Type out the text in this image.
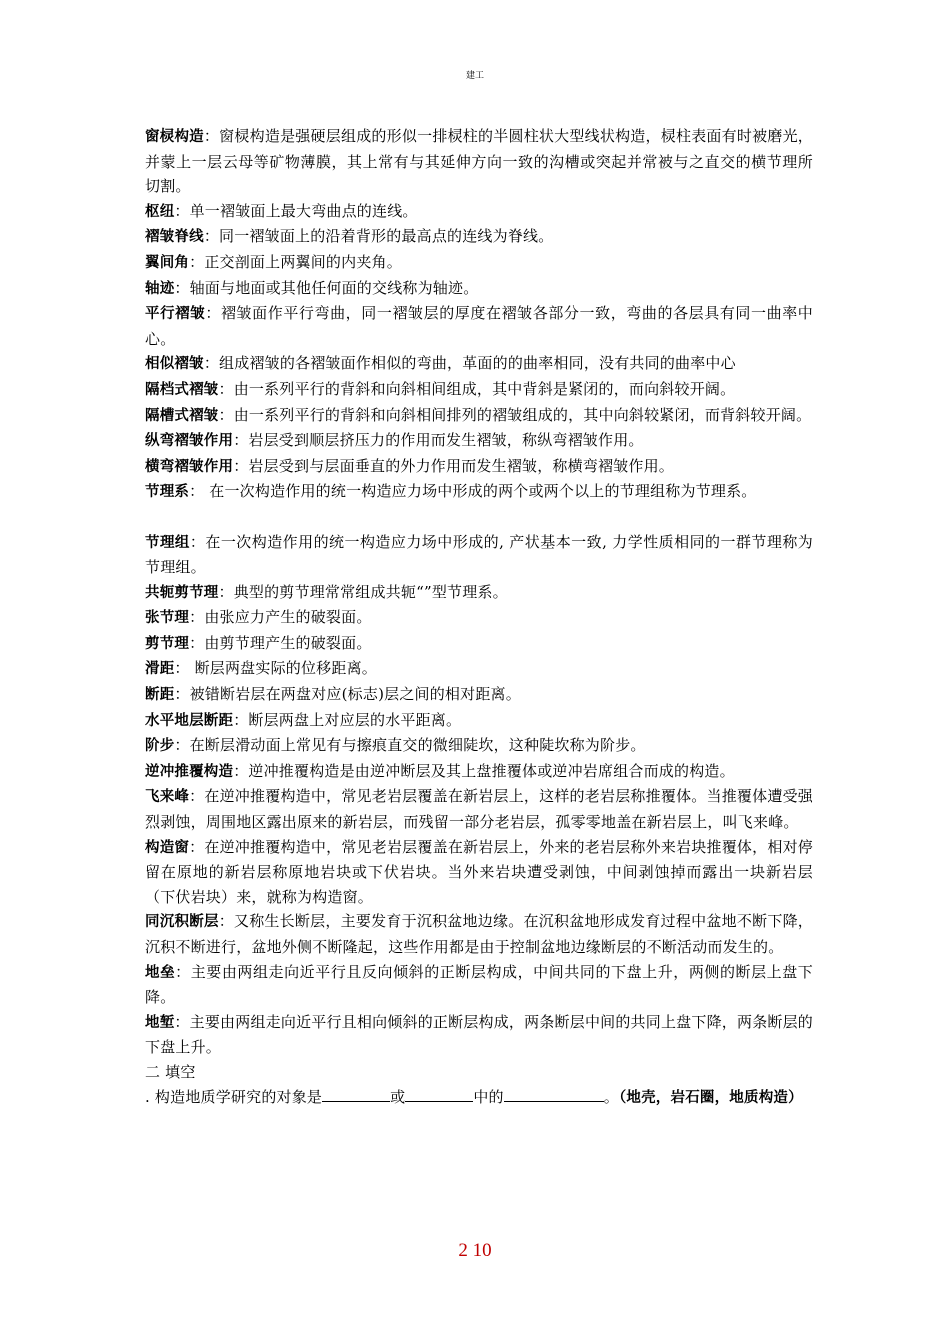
建工

窗棂构造：窗棂构造是强硬层组成的形似一排棂柱的半圆柱状大型线状构造，棂柱表面有时被磨光，并蒙上一层云母等矿物薄膜，其上常有与其延伸方向一致的沟槽或突起并常被与之直交的横节理所切割。

枢纽：单一褶皱面上最大弯曲点的连线。

褶皱脊线：同一褶皱面上的沿着背形的最高点的连线为脊线。

翼间角：正交剖面上两翼间的内夹角。

轴迹：轴面与地面或其他任何面的交线称为轴迹。

平行褶皱：褶皱面作平行弯曲，同一褶皱层的厚度在褶皱各部分一致，弯曲的各层具有同一曲率中心。

相似褶皱：组成褶皱的各褶皱面作相似的弯曲，革面的的曲率相同，没有共同的曲率中心

隔档式褶皱：由一系列平行的背斜和向斜相间组成，其中背斜是紧闭的，而向斜较开阔。

隔槽式褶皱：由一系列平行的背斜和向斜相间排列的褶皱组成的，其中向斜较紧闭，而背斜较开阔。

纵弯褶皱作用：岩层受到顺层挤压力的作用而发生褶皱，称纵弯褶皱作用。

横弯褶皱作用：岩层受到与层面垂直的外力作用而发生褶皱，称横弯褶皱作用。

节理系： 在一次构造作用的统一构造应力场中形成的两个或两个以上的节理组称为节理系。

节理组：在一次构造作用的统一构造应力场中形成的, 产状基本一致, 力学性质相同的一群节理称为节理组。

共轭剪节理：典型的剪节理常常组成共轭“”型节理系。

张节理：由张应力产生的破裂面。

剪节理：由剪节理产生的破裂面。

滑距： 断层两盘实际的位移距离。

断距：被错断岩层在两盘对应(标志)层之间的相对距离。

水平地层断距：断层两盘上对应层的水平距离。

阶步：在断层滑动面上常见有与擦痕直交的微细陡坎，这种陡坎称为阶步。

逆冲推覆构造：逆冲推覆构造是由逆冲断层及其上盘推覆体或逆冲岩席组合而成的构造。

飞来峰：在逆冲推覆构造中，常见老岩层覆盖在新岩层上，这样的老岩层称推覆体。当推覆体遭受强烈剥蚀，周围地区露出原来的新岩层，而残留一部分老岩层，孤零零地盖在新岩层上，叫飞来峰。

构造窗：在逆冲推覆构造中，常见老岩层覆盖在新岩层上，外来的老岩层称外来岩块推覆体，相对停留在原地的新岩层称原地岩块或下伏岩块。当外来岩块遭受剥蚀，中间剥蚀掉而露出一块新岩层（下伏岩块）来，就称为构造窗。

同沉积断层：又称生长断层，主要发育于沉积盆地边缘。在沉积盆地形成发育过程中盆地不断下降，沉积不断进行，盆地外侧不断隆起，这些作用都是由于控制盆地边缘断层的不断活动而发生的。

地垒：主要由两组走向近平行且反向倾斜的正断层构成，中间共同的下盘上升，两侧的断层上盘下降。

地堑：主要由两组走向近平行且相向倾斜的正断层构成，两条断层中间的共同上盘下降，两条断层的下盘上升。

二 填空

. 构造地质学研究的对象是	或	中的	。（地壳，岩石圈，地质构造）

2 10
